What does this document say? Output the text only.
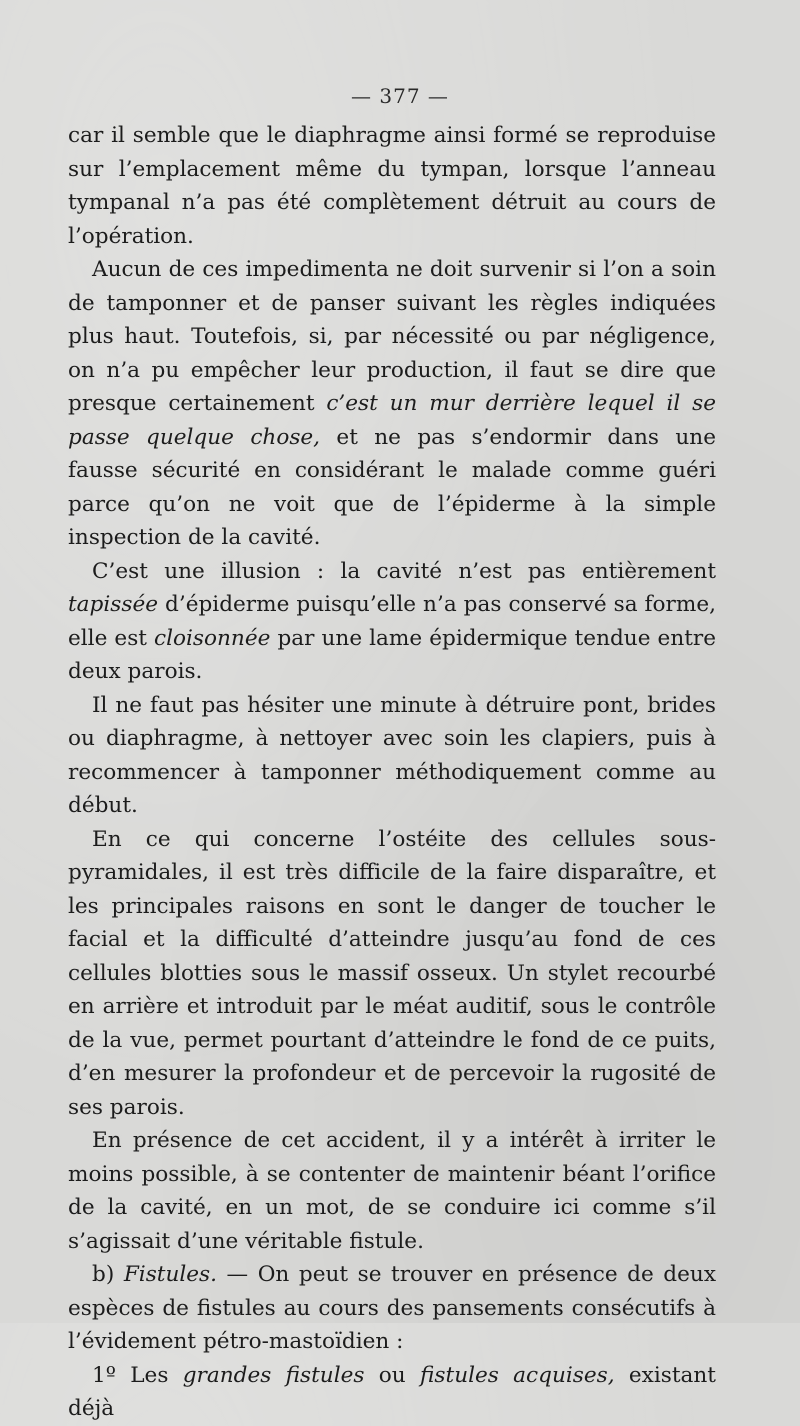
— 377 —

car il semble que le diaphragme ainsi formé se reproduise sur l’emplacement même du tympan, lorsque l’anneau tympanal n’a pas été complètement détruit au cours de l’opération.

Aucun de ces impedimenta ne doit survenir si l’on a soin de tamponner et de panser suivant les règles indiquées plus haut. Toutefois, si, par nécessité ou par négligence, on n’a pu empêcher leur production, il faut se dire que presque certainement c’est un mur derrière lequel il se passe quelque chose, et ne pas s’endormir dans une fausse sécurité en considérant le malade comme guéri parce qu’on ne voit que de l’épiderme à la simple inspection de la cavité.

C’est une illusion : la cavité n’est pas entièrement tapissée d’épiderme puisqu’elle n’a pas conservé sa forme, elle est cloisonnée par une lame épidermique tendue entre deux parois.

Il ne faut pas hésiter une minute à détruire pont, brides ou diaphragme, à nettoyer avec soin les clapiers, puis à recommencer à tamponner méthodiquement comme au début.

En ce qui concerne l’ostéite des cellules sous-pyramidales, il est très difficile de la faire disparaître, et les principales raisons en sont le danger de toucher le facial et la difficulté d’atteindre jusqu’au fond de ces cellules blotties sous le massif osseux. Un stylet recourbé en arrière et introduit par le méat auditif, sous le contrôle de la vue, permet pourtant d’atteindre le fond de ce puits, d’en mesurer la profondeur et de percevoir la rugosité de ses parois.

En présence de cet accident, il y a intérêt à irriter le moins possible, à se contenter de maintenir béant l’orifice de la cavité, en un mot, de se conduire ici comme s’il s’agissait d’une véritable fistule.

b) Fistules. — On peut se trouver en présence de deux espèces de fistules au cours des pansements consécutifs à l’évidement pétro-mastoïdien :

1º Les grandes fistules ou fistules acquises, existant déjà
